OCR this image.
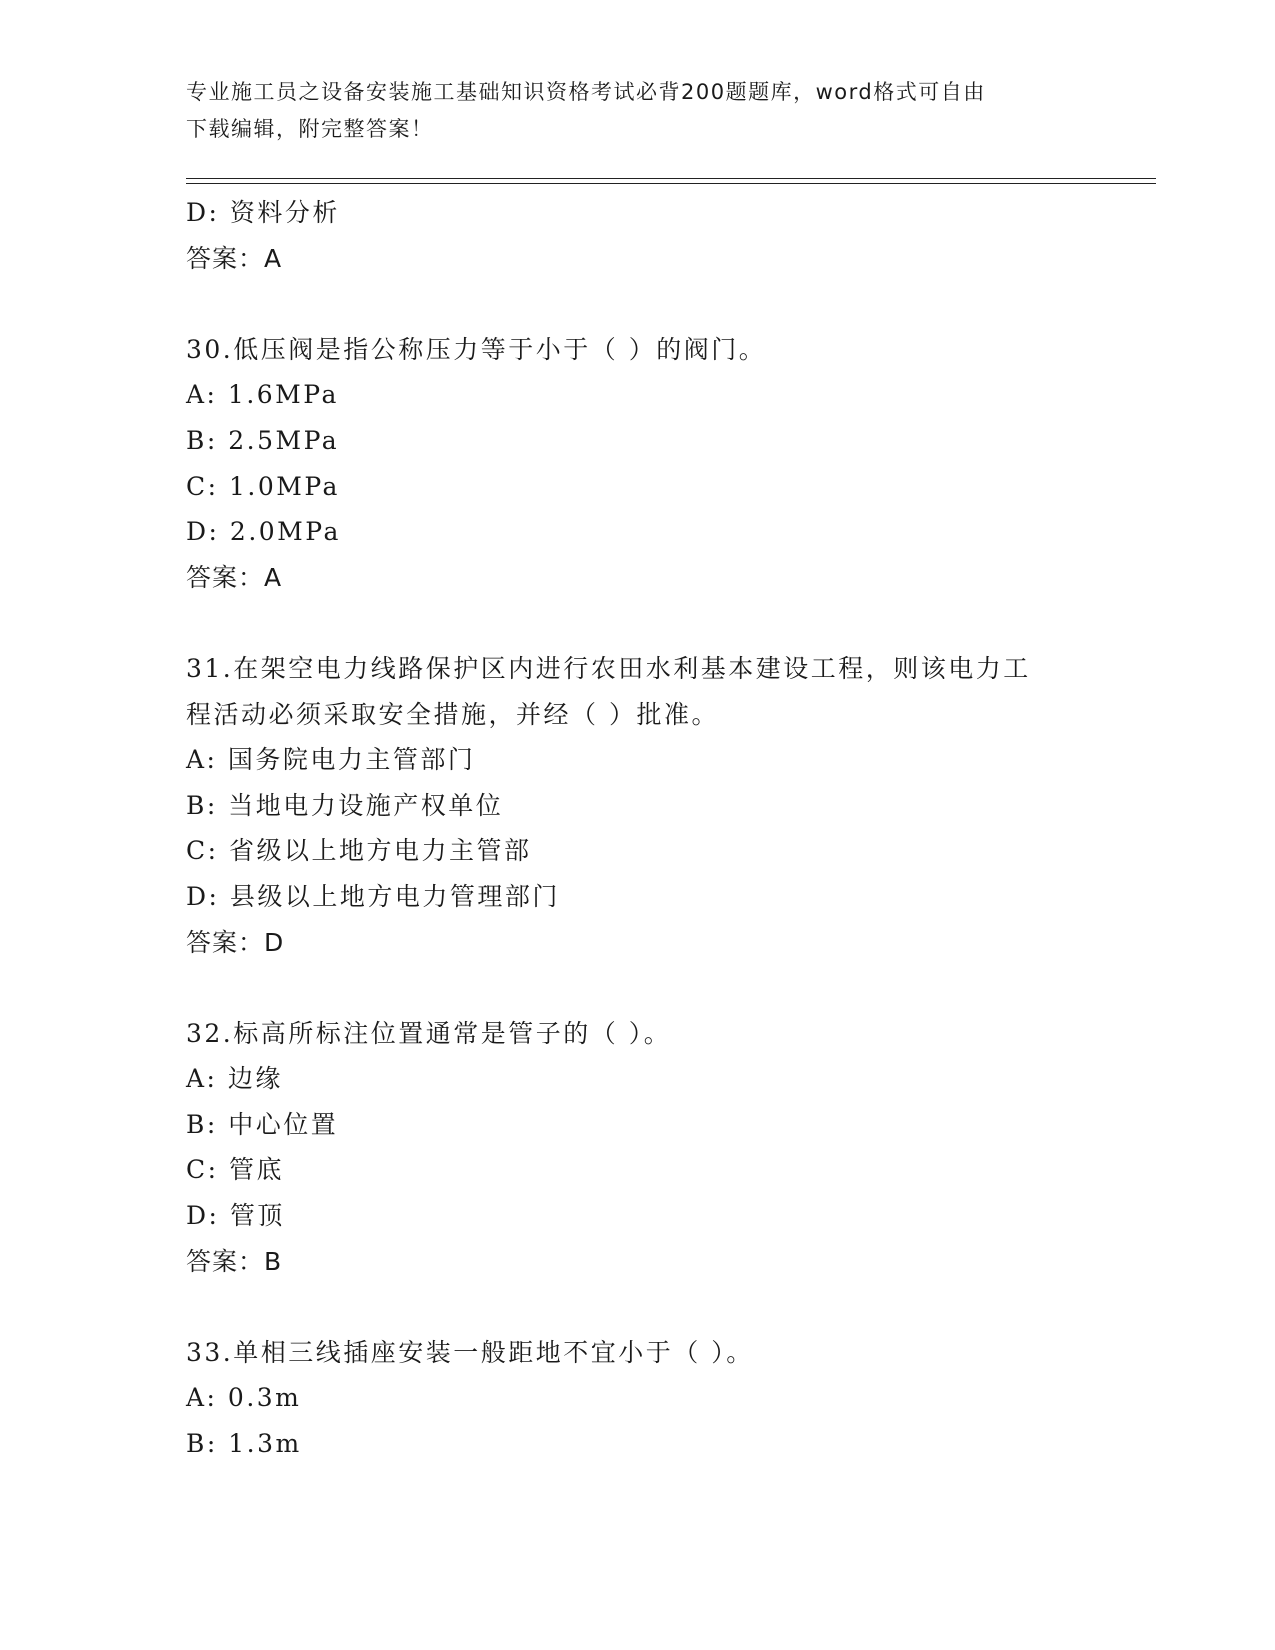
专业施工员之设备安装施工基础知识资格考试必背200题题库，word格式可自由
下载编辑，附完整答案！
D: 资料分析
答案：A
30.低压阀是指公称压力等于小于（ ）的阀门。
A: 1.6MPa
B: 2.5MPa
C: 1.0MPa
D: 2.0MPa
答案：A
31.在架空电力线路保护区内进行农田水利基本建设工程，则该电力工
程活动必须采取安全措施，并经（ ）批准。
A: 国务院电力主管部门
B: 当地电力设施产权单位
C: 省级以上地方电力主管部
D: 县级以上地方电力管理部门
答案：D
32.标高所标注位置通常是管子的（ ）。
A: 边缘
B: 中心位置
C: 管底
D: 管顶
答案：B
33.单相三线插座安装一般距地不宜小于（ ）。
A: 0.3m
B: 1.3m
